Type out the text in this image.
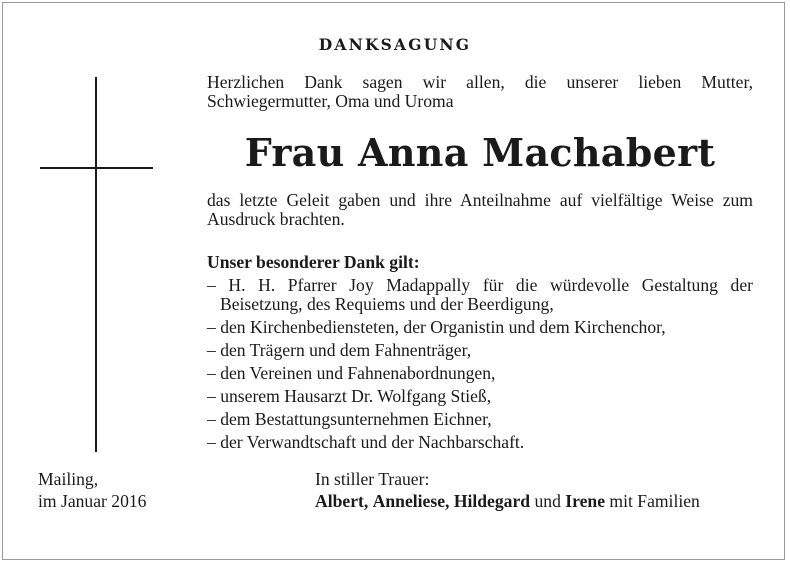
DANKSAGUNG
Herzlichen Dank sagen wir allen, die unserer lieben Mutter, Schwiegermutter, Oma und Uroma
Frau Anna Machabert
das letzte Geleit gaben und ihre Anteilnahme auf vielfältige Weise zum Ausdruck brachten.
Unser besonderer Dank gilt:
– H. H. Pfarrer Joy Madappally für die würdevolle Gestaltung der Beisetzung, des Requiems und der Beerdigung,
– den Kirchenbediensteten, der Organistin und dem Kirchenchor,
– den Trägern und dem Fahnenträger,
– den Vereinen und Fahnenabordnungen,
– unserem Hausarzt Dr. Wolfgang Stieß,
– dem Bestattungsunternehmen Eichner,
– der Verwandtschaft und der Nachbarschaft.
Mailing,
im Januar 2016
In stiller Trauer:
Albert, Anneliese, Hildegard und Irene mit Familien
